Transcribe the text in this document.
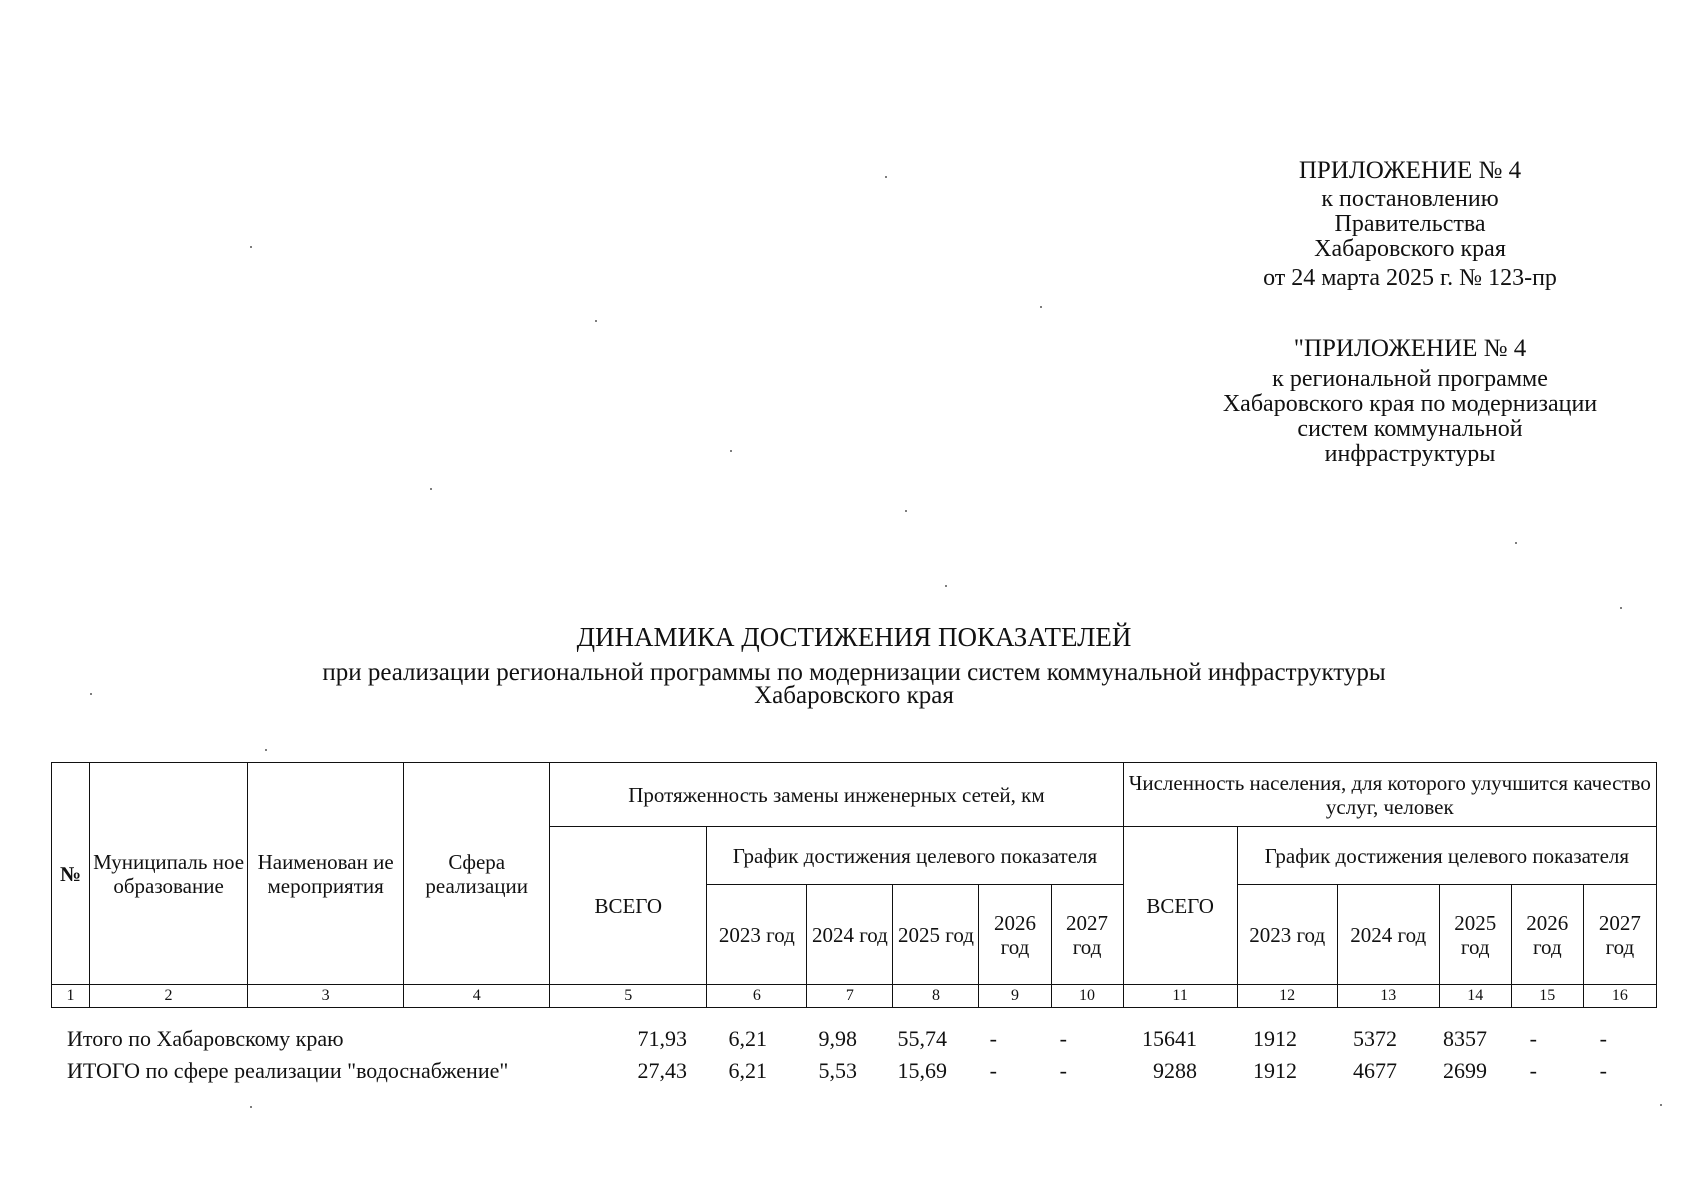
ПРИЛОЖЕНИЕ № 4
к постановлению
Правительства
Хабаровского края
от 24 марта 2025 г. № 123-пр
"ПРИЛОЖЕНИЕ № 4
к региональной программе
Хабаровского края по модернизации
систем коммунальной
инфраструктуры
ДИНАМИКА ДОСТИЖЕНИЯ ПОКАЗАТЕЛЕЙ
при реализации региональной программы по модернизации систем коммунальной инфраструктуры
Хабаровского края
№	Муниципаль ное образование	Наименован ие мероприятия	Сфера реализации	Протяженность замены инженерных сетей, км						Численность населения, для которого улучшится качество услуг, человек					
				ВСЕГО	График достижения целевого показателя					ВСЕГО	График достижения целевого показателя				
					2023 год	2024 год	2025 год	2026 год	2027 год		2023 год	2024 год	2025 год	2026 год	2027 год
1	2	3	4	5	6	7	8	9	10	11	12	13	14	15	16
Итого по Хабаровскому краю	71,93	6,21	9,98	55,74	-	-	15641	1912	5372	8357	-	-
ИТОГО по сфере реализации "водоснабжение"	27,43	6,21	5,53	15,69	-	-	9288	1912	4677	2699	-	-
